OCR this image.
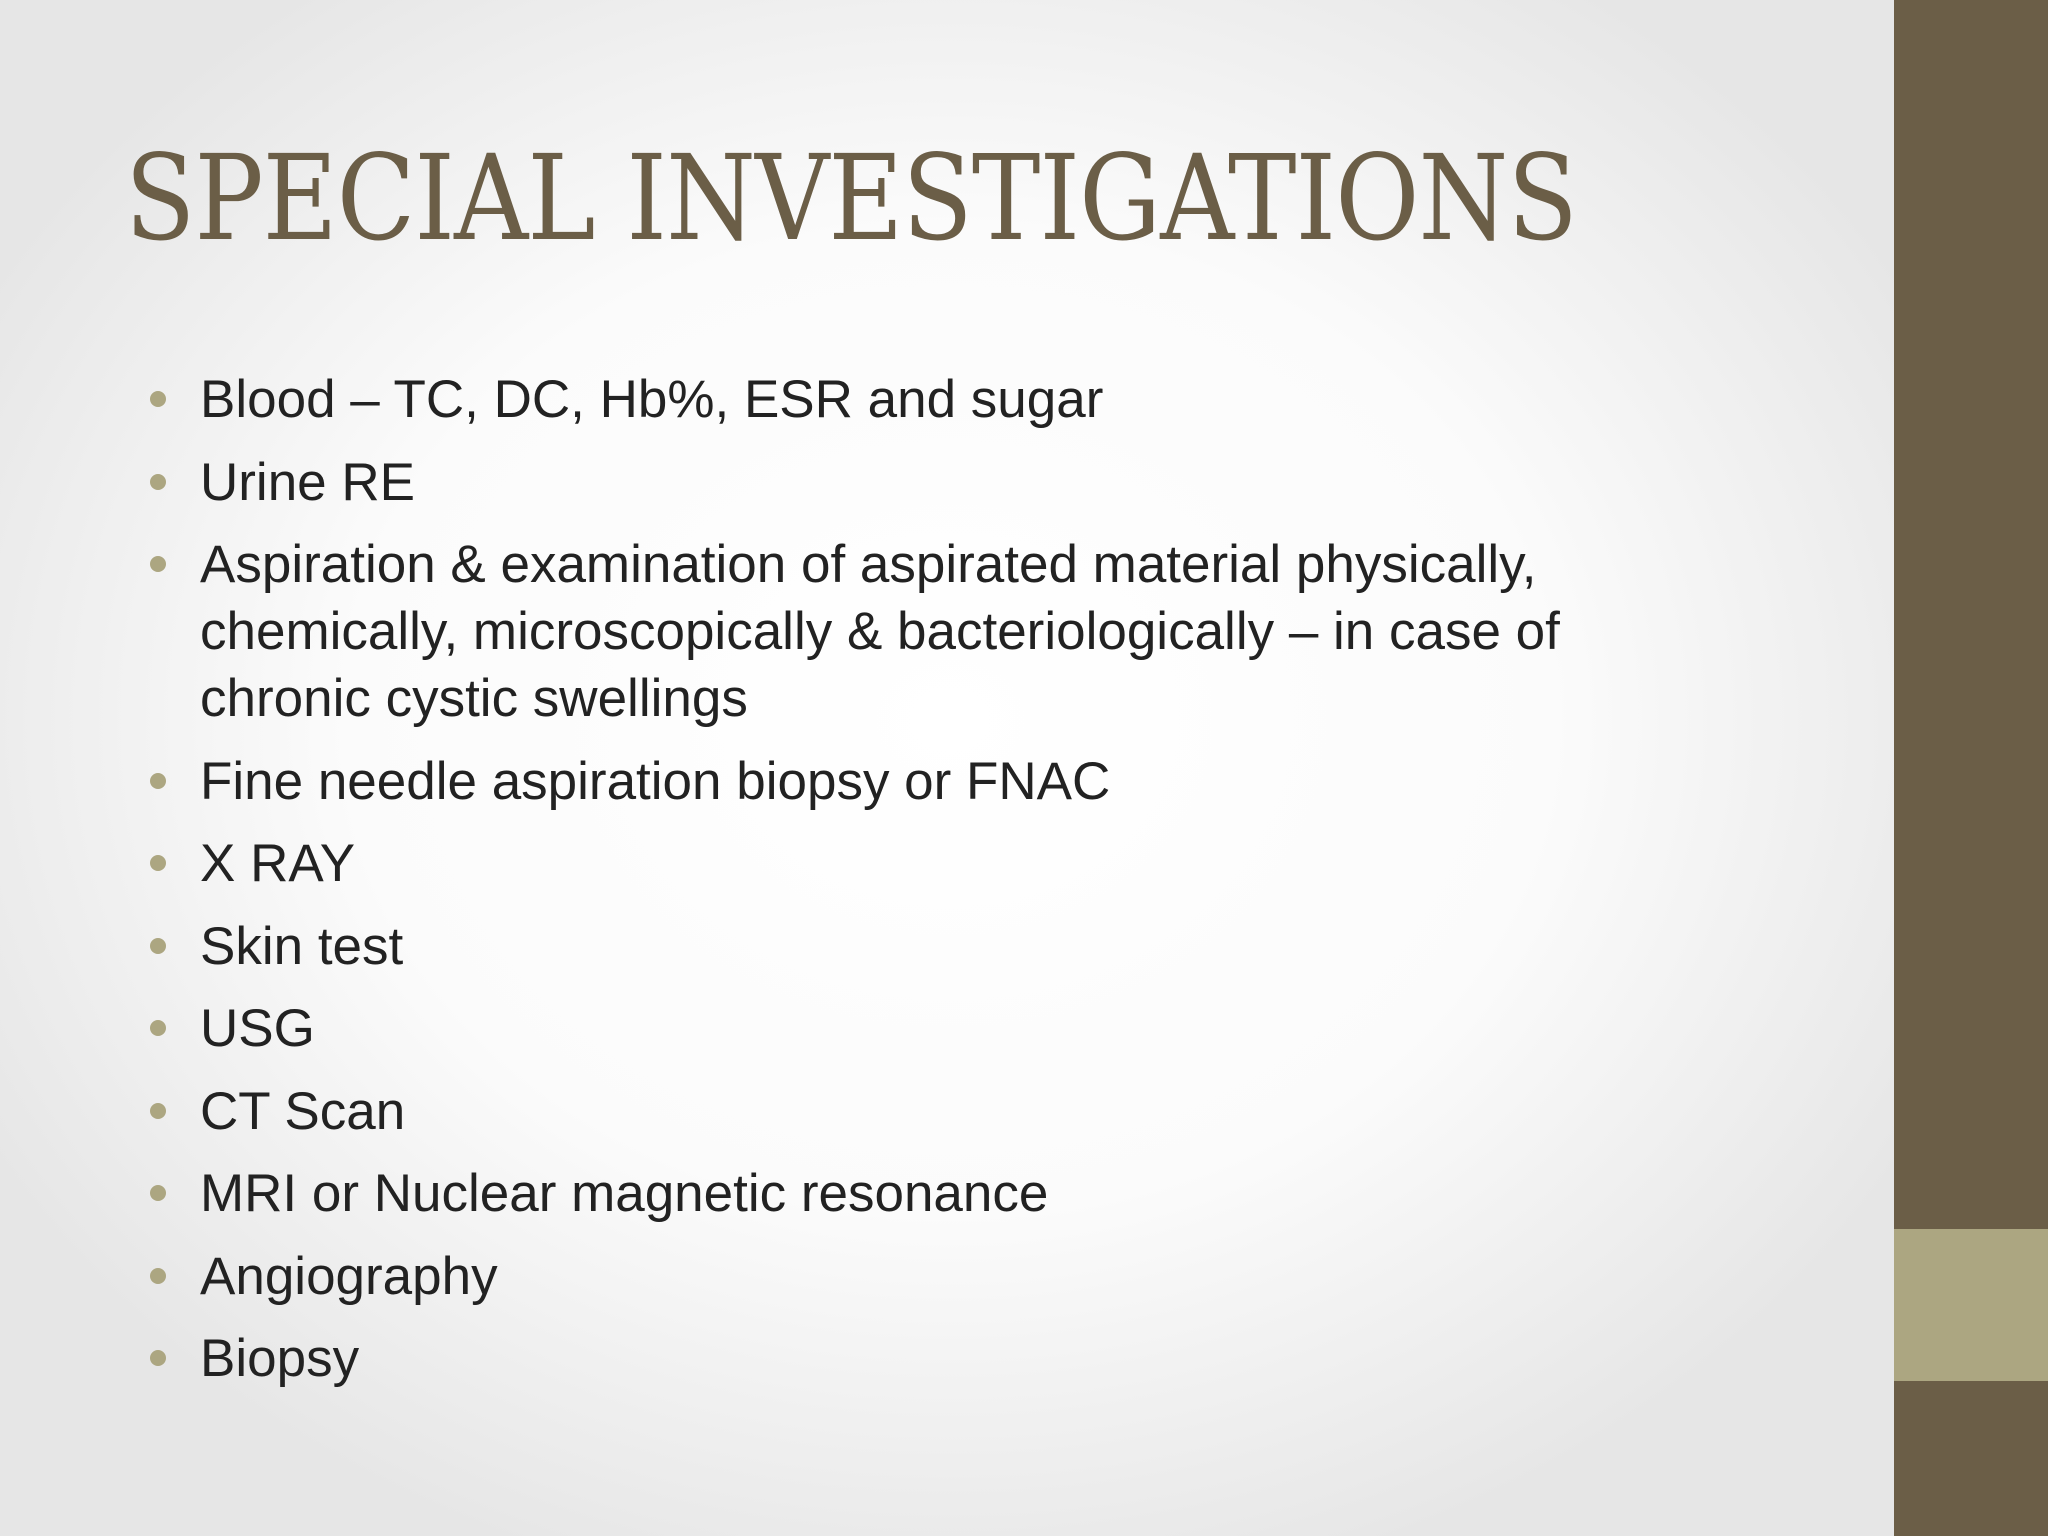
SPECIAL INVESTIGATIONS
Blood – TC, DC, Hb%, ESR and sugar
Urine RE
Aspiration & examination of aspirated material physically, chemically, microscopically & bacteriologically – in case of chronic cystic swellings
Fine needle aspiration biopsy or FNAC
X RAY
Skin test
USG
CT Scan
MRI or Nuclear magnetic resonance
Angiography
Biopsy
